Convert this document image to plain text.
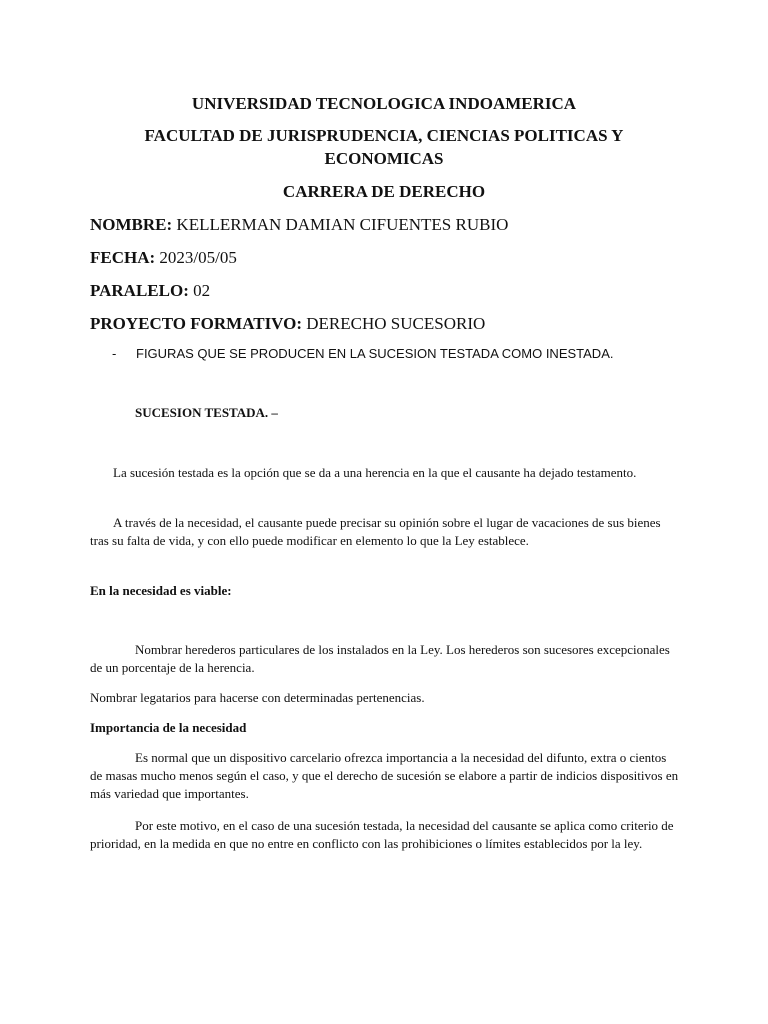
UNIVERSIDAD TECNOLOGICA INDOAMERICA

FACULTAD DE JURISPRUDENCIA, CIENCIAS POLITICAS Y

ECONOMICAS

CARRERA DE DERECHO

NOMBRE: KELLERMAN DAMIAN CIFUENTES RUBIO

FECHA: 2023/05/05

PARALELO: 02

PROYECTO FORMATIVO: DERECHO SUCESORIO

- FIGURAS QUE SE PRODUCEN EN LA SUCESION TESTADA COMO INESTADA.

SUCESION TESTADA. –

La sucesión testada es la opción que se da a una herencia en la que el causante ha dejado testamento.

A través de la necesidad, el causante puede precisar su opinión sobre el lugar de vacaciones de sus bienes tras su falta de vida, y con ello puede modificar en elemento lo que la Ley establece.

En la necesidad es viable:

Nombrar herederos particulares de los instalados en la Ley. Los herederos son sucesores excepcionales de un porcentaje de la herencia.

Nombrar legatarios para hacerse con determinadas pertenencias.

Importancia de la necesidad

Es normal que un dispositivo carcelario ofrezca importancia a la necesidad del difunto, extra o cientos de masas mucho menos según el caso, y que el derecho de sucesión se elabore a partir de indicios dispositivos en más variedad que importantes.

Por este motivo, en el caso de una sucesión testada, la necesidad del causante se aplica como criterio de prioridad, en la medida en que no entre en conflicto con las prohibiciones o límites establecidos por la ley.
